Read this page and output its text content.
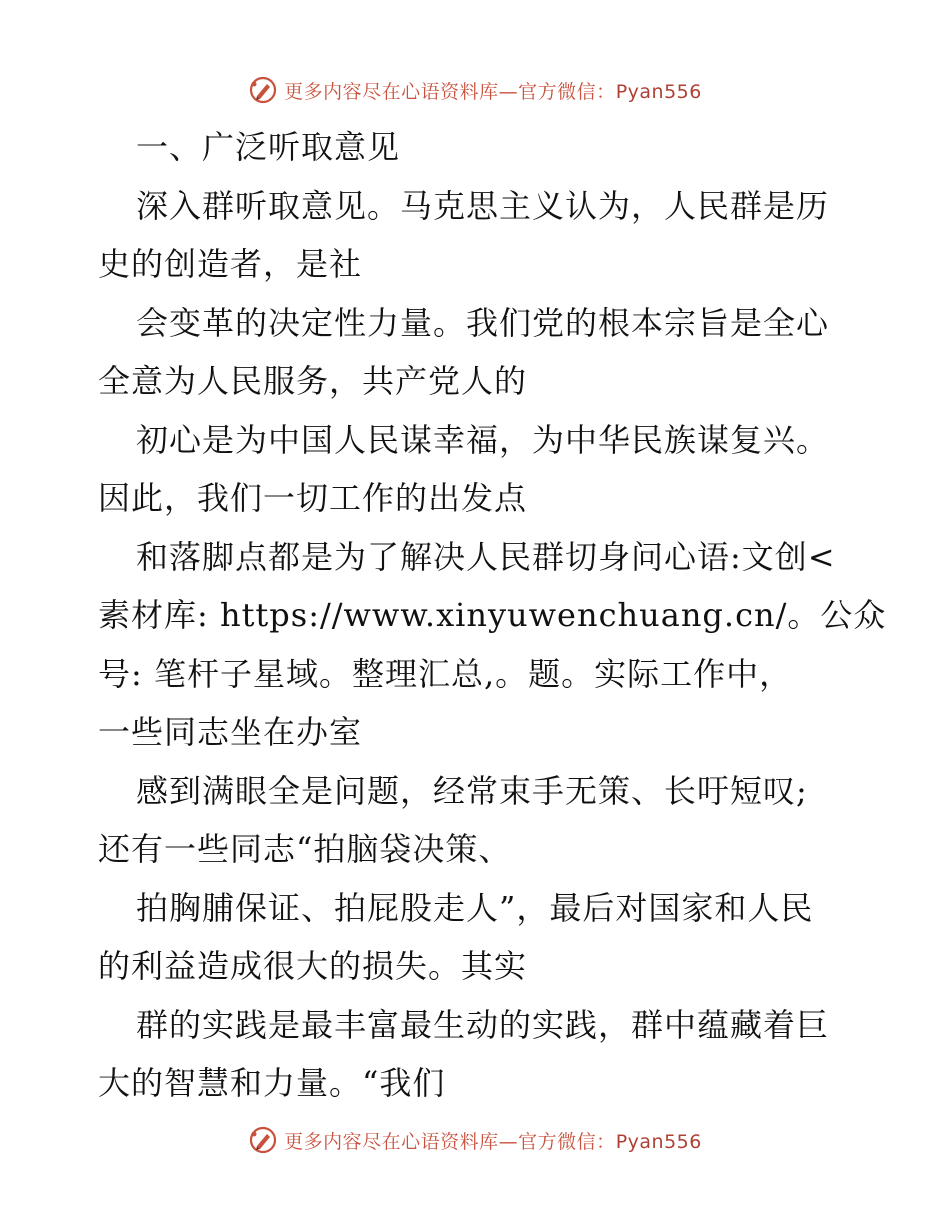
更多内容尽在心语资料库—官方微信：Pyan556
一、广泛听取意见
深入群听取意见。马克思主义认为，人民群是历
史的创造者，是社
会变革的决定性力量。我们党的根本宗旨是全心
全意为人民服务，共产党人的
初心是为中国人民谋幸福，为中华民族谋复兴。
因此，我们一切工作的出发点
和落脚点都是为了解决人民群切身问心语:文创<
素材库: https://www.xinyuwenchuang.cn/。公众
号: 笔杆子星域。整理汇总,。题。实际工作中，
一些同志坐在办室
感到满眼全是问题，经常束手无策、长吁短叹;
还有一些同志“拍脑袋决策、
拍胸脯保证、拍屁股走人”，最后对国家和人民
的利益造成很大的损失。其实
群的实践是最丰富最生动的实践，群中蕴藏着巨
大的智慧和力量。“我们
更多内容尽在心语资料库—官方微信：Pyan556
